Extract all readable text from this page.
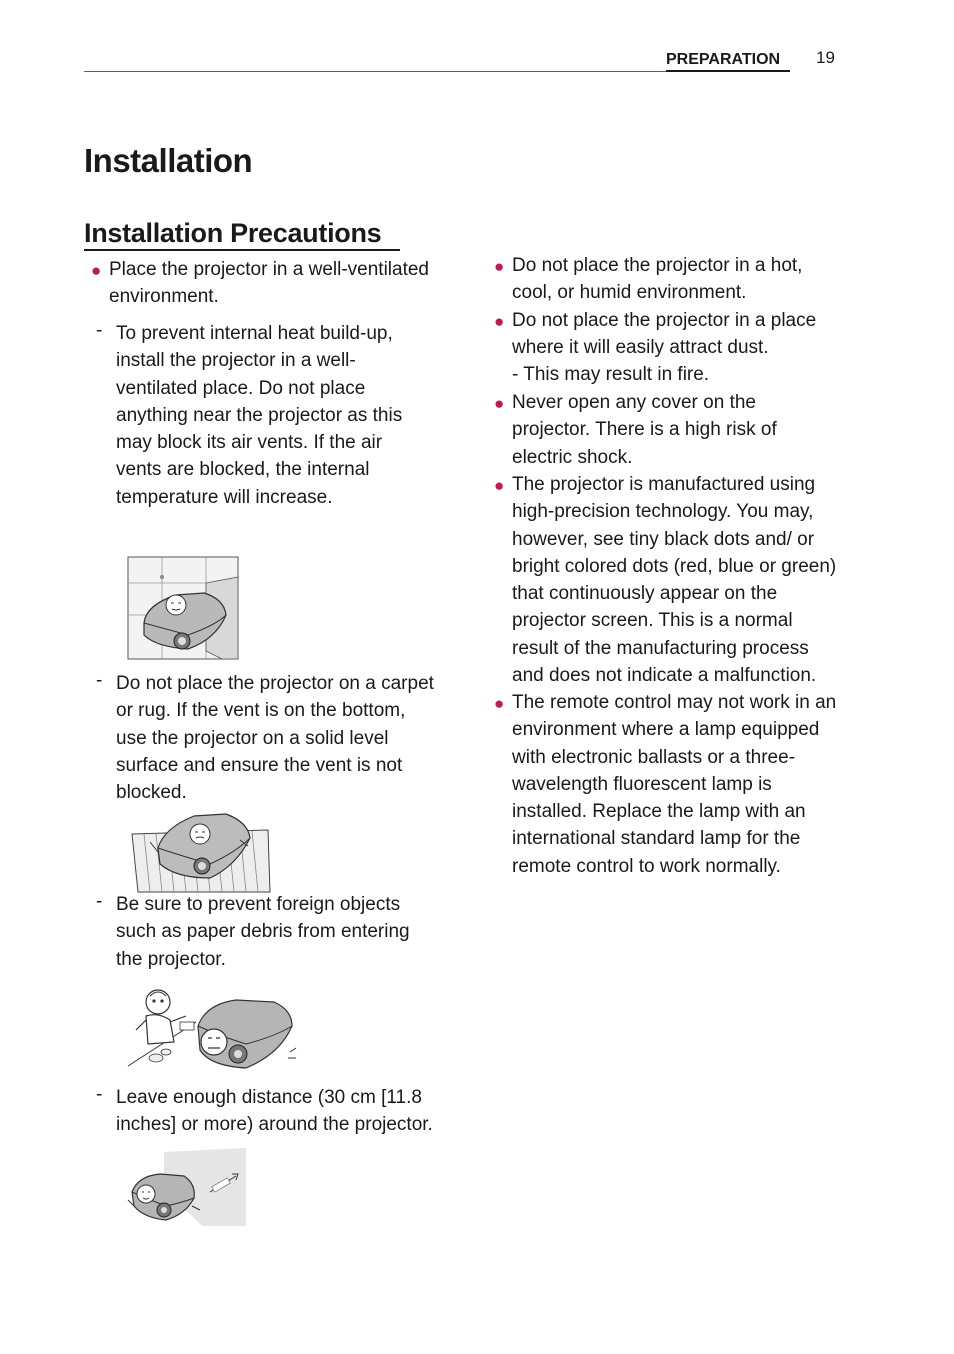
PREPARATION 19
Installation
Installation Precautions
● Place the projector in a well-ventilated environment.

- To prevent internal heat build-up, install the projector in a well-ventilated place. Do not place anything near the projector as this may block its air vents. If the air vents are blocked, the internal temperature will increase.

- Do not place the projector on a carpet or rug. If the vent is on the bottom, use the projector on a solid level surface and ensure the vent is not blocked.

- Be sure to prevent foreign objects such as paper debris from entering the projector.

- Leave enough distance (30 cm [11.8 inches] or more) around the projector.

● Do not place the projector in a hot, cool, or humid environment.

● Do not place the projector in a place where it will easily attract dust.

- This may result in fire.

● Never open any cover on the projector. There is a high risk of electric shock.

● The projector is manufactured using high-precision technology. You may, however, see tiny black dots and/ or bright colored dots (red, blue or green) that continuously appear on the projector screen. This is a normal result of the manufacturing process and does not indicate a malfunction.

● The remote control may not work in an environment where a lamp equipped with electronic ballasts or a three-wavelength fluorescent lamp is installed. Replace the lamp with an international standard lamp for the remote control to work normally.
